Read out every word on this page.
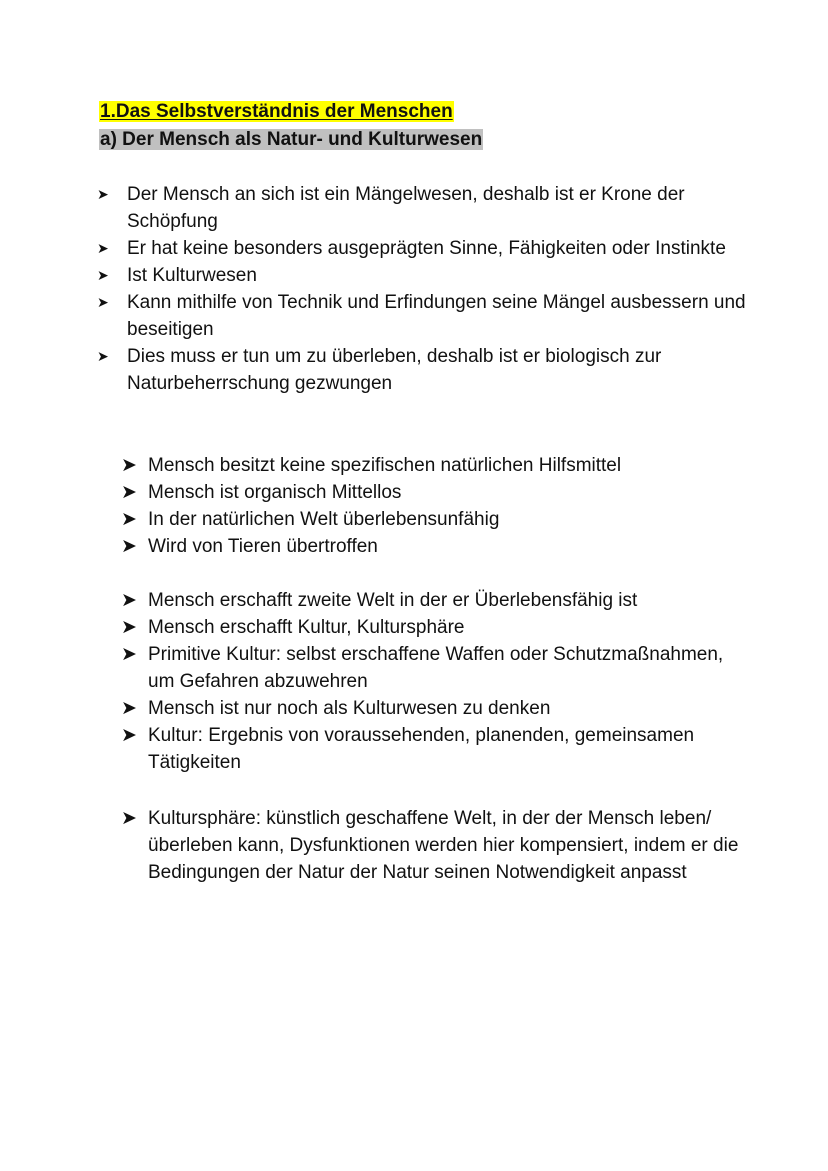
1.Das Selbstverständnis der Menschen
a) Der Mensch als Natur- und Kulturwesen
➤ Der Mensch an sich ist ein Mängelwesen, deshalb ist er Krone der Schöpfung
➤ Er hat keine besonders ausgeprägten Sinne, Fähigkeiten oder Instinkte
➤ Ist Kulturwesen
➤ Kann mithilfe von Technik und Erfindungen seine Mängel ausbessern und beseitigen
➤ Dies muss er tun um zu überleben, deshalb ist er biologisch zur Naturbeherrschung gezwungen
➤ Mensch besitzt keine spezifischen natürlichen Hilfsmittel
➤ Mensch ist organisch Mittellos
➤ In der natürlichen Welt überlebensunfähig
➤ Wird von Tieren übertroffen
➤ Mensch erschafft zweite Welt in der er Überlebensfähig ist
➤ Mensch erschafft Kultur, Kultursphäre
➤ Primitive Kultur: selbst erschaffene Waffen oder Schutzmaßnahmen, um Gefahren abzuwehren
➤ Mensch ist nur noch als Kulturwesen zu denken
➤ Kultur: Ergebnis von voraussehenden, planenden, gemeinsamen Tätigkeiten
➤ Kultursphäre: künstlich geschaffene Welt, in der der Mensch leben/ überleben kann, Dysfunktionen werden hier kompensiert, indem er die Bedingungen der Natur der Natur seinen Notwendigkeit anpasst
